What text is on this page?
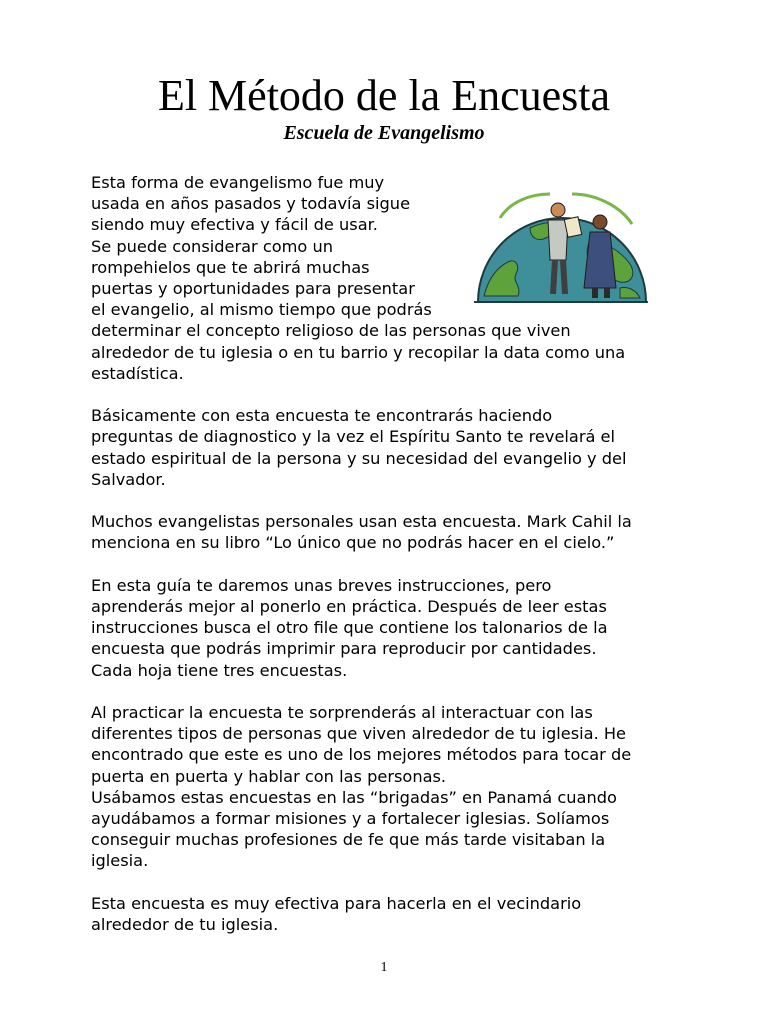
El Método de la Encuesta
Escuela de Evangelismo
Esta forma de evangelismo fue muy
usada en años pasados y todavía sigue
siendo muy efectiva y fácil de usar.
Se puede considerar como un
rompehielos que te abrirá muchas
puertas y oportunidades para presentar
el evangelio, al mismo tiempo que podrás
determinar el concepto religioso de las personas que viven
alrededor de tu iglesia o en tu barrio y recopilar la data como una
estadística.
Básicamente con esta encuesta te encontrarás haciendo
preguntas de diagnostico y la vez el Espíritu Santo te revelará el
estado espiritual de la persona y su necesidad del evangelio y del
Salvador.
Muchos evangelistas personales usan esta encuesta. Mark Cahil la
menciona en su libro “Lo único que no podrás hacer en el cielo.”
En esta guía te daremos unas breves instrucciones, pero
aprenderás mejor al ponerlo en práctica. Después de leer estas
instrucciones busca el otro file que contiene los talonarios de la
encuesta que podrás imprimir para reproducir por cantidades.
Cada hoja tiene tres encuestas.
Al practicar la encuesta te sorprenderás al interactuar con las
diferentes tipos de personas que viven alrededor de tu iglesia. He
encontrado que este es uno de los mejores métodos para tocar de
puerta en puerta y hablar con las personas.
Usábamos estas encuestas en las “brigadas” en Panamá cuando
ayudábamos a formar misiones y a fortalecer iglesias. Solíamos
conseguir muchas profesiones de fe que más tarde visitaban la
iglesia.
Esta encuesta es muy efectiva para hacerla en el vecindario
alrededor de tu iglesia.
1
